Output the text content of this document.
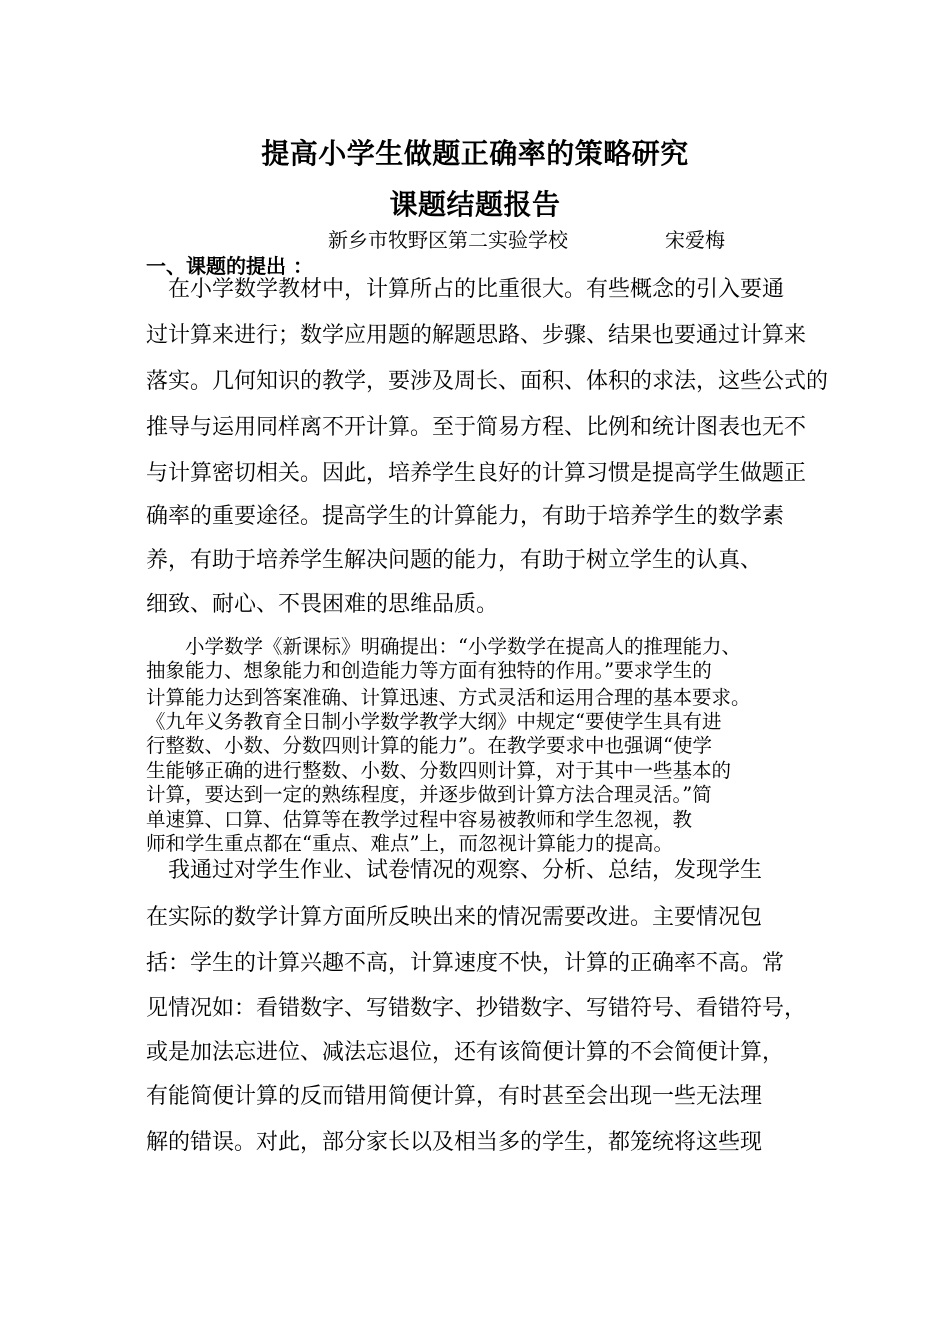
提高小学生做题正确率的策略研究
课题结题报告
新乡市牧野区第二实验学校	宋爱梅
一、课题的提出 ：
　在小学数学教材中，计算所占的比重很大。有些概念的引入要通
过计算来进行；数学应用题的解题思路、步骤、结果也要通过计算来
落实。几何知识的教学，要涉及周长、面积、体积的求法，这些公式的
推导与运用同样离不开计算。至于简易方程、比例和统计图表也无不
与计算密切相关。因此，培养学生良好的计算习惯是提高学生做题正
确率的重要途径。提高学生的计算能力，有助于培养学生的数学素
养，有助于培养学生解决问题的能力，有助于树立学生的认真、
细致、耐心、不畏困难的思维品质。
　　小学数学《新课标》明确提出：“小学数学在提高人的推理能力、
抽象能力、想象能力和创造能力等方面有独特的作用。”要求学生的
计算能力达到答案准确、计算迅速、方式灵活和运用合理的基本要求。
《九年义务教育全日制小学数学教学大纲》中规定“要使学生具有进
行整数、小数、分数四则计算的能力”。在教学要求中也强调“使学
生能够正确的进行整数、小数、分数四则计算，对于其中一些基本的
计算，要达到一定的熟练程度，并逐步做到计算方法合理灵活。”简
单速算、口算、估算等在教学过程中容易被教师和学生忽视，教
师和学生重点都在“重点、难点”上，而忽视计算能力的提高。
　我通过对学生作业、试卷情况的观察、分析、总结，发现学生
在实际的数学计算方面所反映出来的情况需要改进。主要情况包
括：学生的计算兴趣不高，计算速度不快，计算的正确率不高。常
见情况如：看错数字、写错数字、抄错数字、写错符号、看错符号，
或是加法忘进位、减法忘退位，还有该简便计算的不会简便计算，
有能简便计算的反而错用简便计算，有时甚至会出现一些无法理
解的错误。对此，部分家长以及相当多的学生，都笼统将这些现
